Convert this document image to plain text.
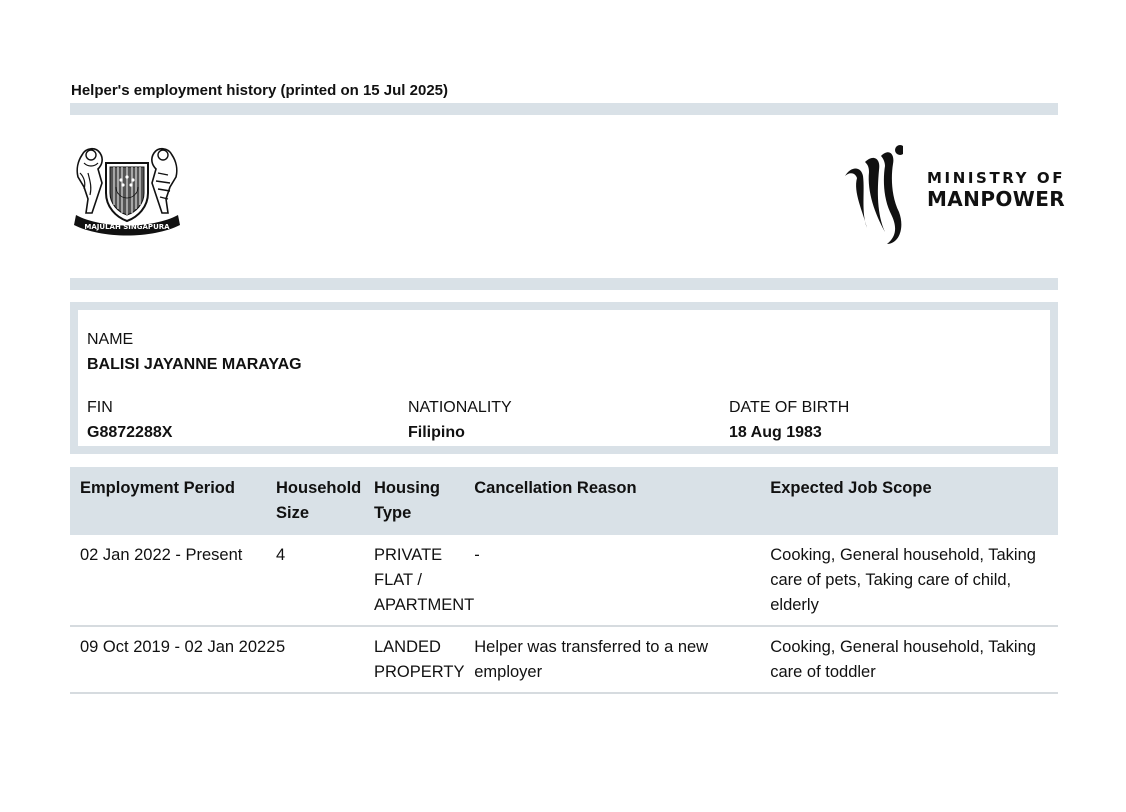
Helper's employment history (printed on 15 Jul 2025)
MAJULAH SINGAPURA
MINISTRY OF
MANPOWER
NAME
BALISI JAYANNE MARAYAG
FIN
G8872288X
NATIONALITY
Filipino
DATE OF BIRTH
18 Aug 1983
Employment Period	Household Size	Housing Type	Cancellation Reason	Expected Job Scope
02 Jan 2022 - Present	4	PRIVATE FLAT / APARTMENT	-	Cooking, General household, Taking care of pets, Taking care of child, elderly
09 Oct 2019 - 02 Jan 2022	5	LANDED PROPERTY	Helper was transferred to a new employer	Cooking, General household, Taking care of toddler
